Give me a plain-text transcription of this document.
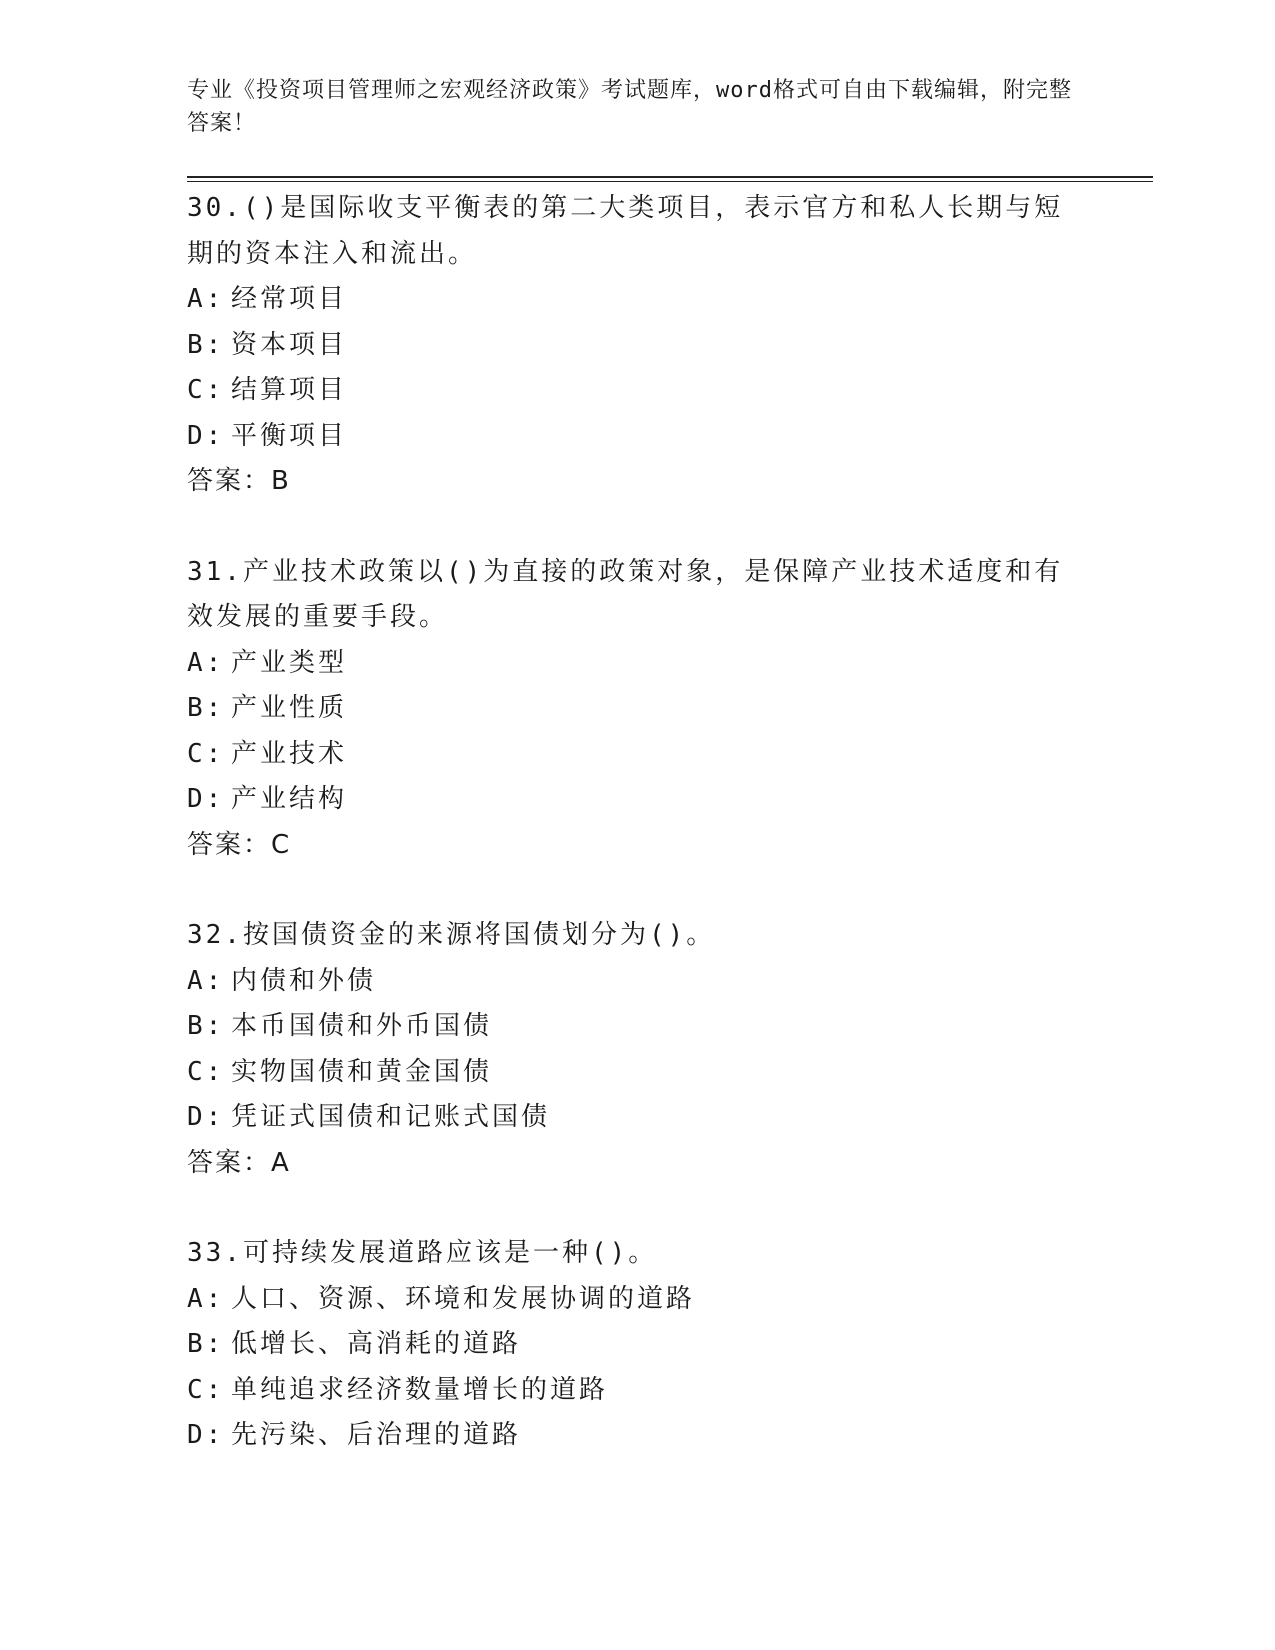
专业《投资项目管理师之宏观经济政策》考试题库，word格式可自由下载编辑，附完整答案！
30.()是国际收支平衡表的第二大类项目，表示官方和私人长期与短期的资本注入和流出。
A: 经常项目
B: 资本项目
C: 结算项目
D: 平衡项目
答案：B
31.产业技术政策以()为直接的政策对象，是保障产业技术适度和有效发展的重要手段。
A: 产业类型
B: 产业性质
C: 产业技术
D: 产业结构
答案：C
32.按国债资金的来源将国债划分为()。
A: 内债和外债
B: 本币国债和外币国债
C: 实物国债和黄金国债
D: 凭证式国债和记账式国债
答案：A
33.可持续发展道路应该是一种()。
A: 人口、资源、环境和发展协调的道路
B: 低增长、高消耗的道路
C: 单纯追求经济数量增长的道路
D: 先污染、后治理的道路
